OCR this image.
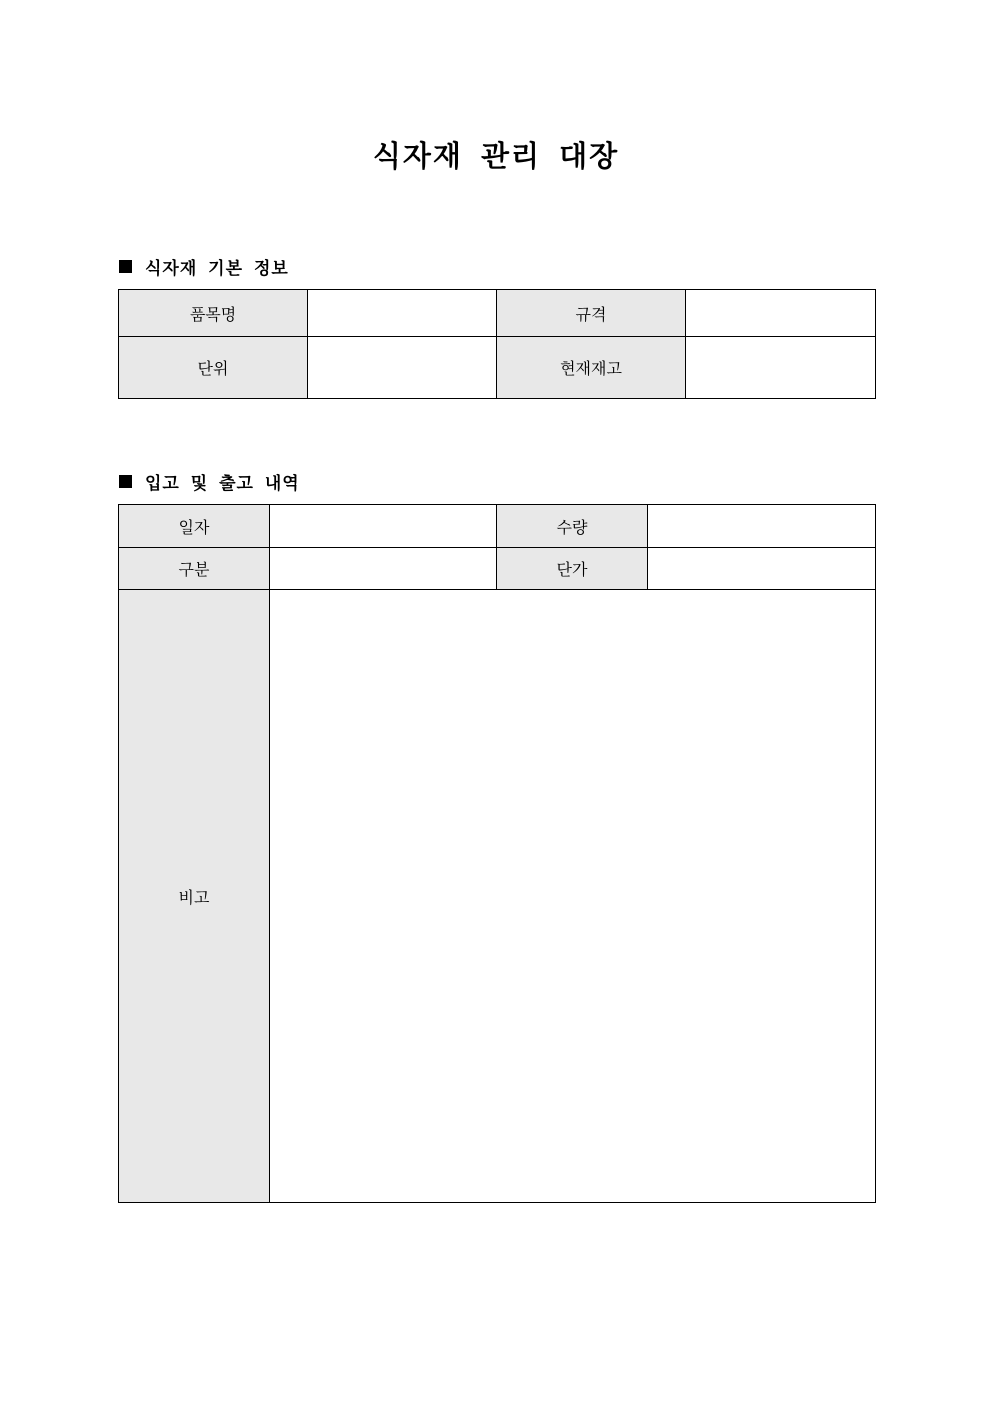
식자재 관리 대장
식자재 기본 정보
품목명		규격	
단위		현재재고	
입고 및 출고 내역
일자		수량	
구분		단가	
비고			
